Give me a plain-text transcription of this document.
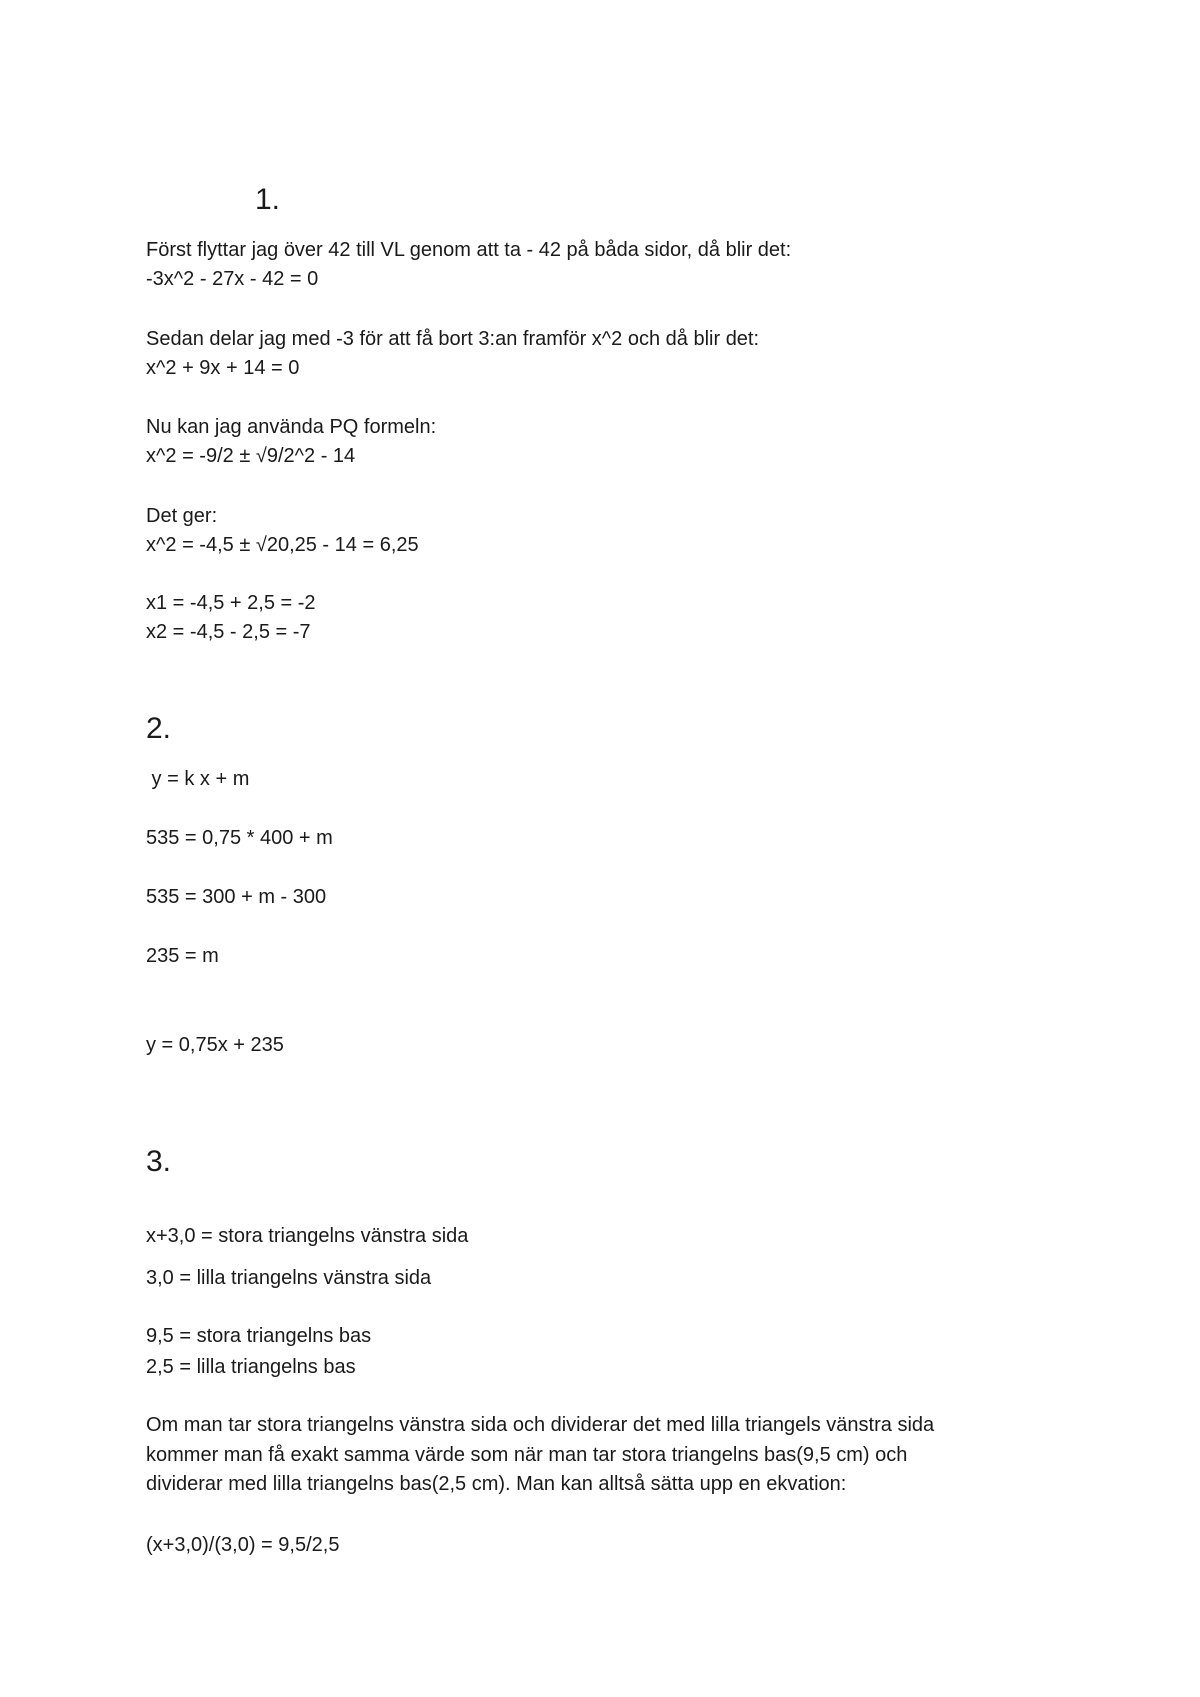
1.
Först flyttar jag över 42 till VL genom att ta - 42 på båda sidor, då blir det:
-3x^2 - 27x - 42 = 0
Sedan delar jag med -3 för att få bort 3:an framför x^2 och då blir det:
x^2 + 9x + 14 = 0
Nu kan jag använda PQ formeln:
x^2 = -9/2 ± √9/2^2 - 14
Det ger:
x^2 = -4,5 ± √20,25 - 14 = 6,25
x1 = -4,5 + 2,5 = -2
x2 = -4,5 - 2,5 = -7
2.
y = k x + m
535 = 0,75 * 400 + m
535 = 300 + m - 300
235 = m
y = 0,75x + 235
3.
x+3,0 = stora triangelns vänstra sida
3,0 = lilla triangelns vänstra sida
9,5 = stora triangelns bas
2,5 = lilla triangelns bas
Om man tar stora triangelns vänstra sida och dividerar det med lilla triangels vänstra sida
kommer man få exakt samma värde som när man tar stora triangelns bas(9,5 cm) och
dividerar med lilla triangelns bas(2,5 cm). Man kan alltså sätta upp en ekvation:
(x+3,0)/(3,0) = 9,5/2,5
